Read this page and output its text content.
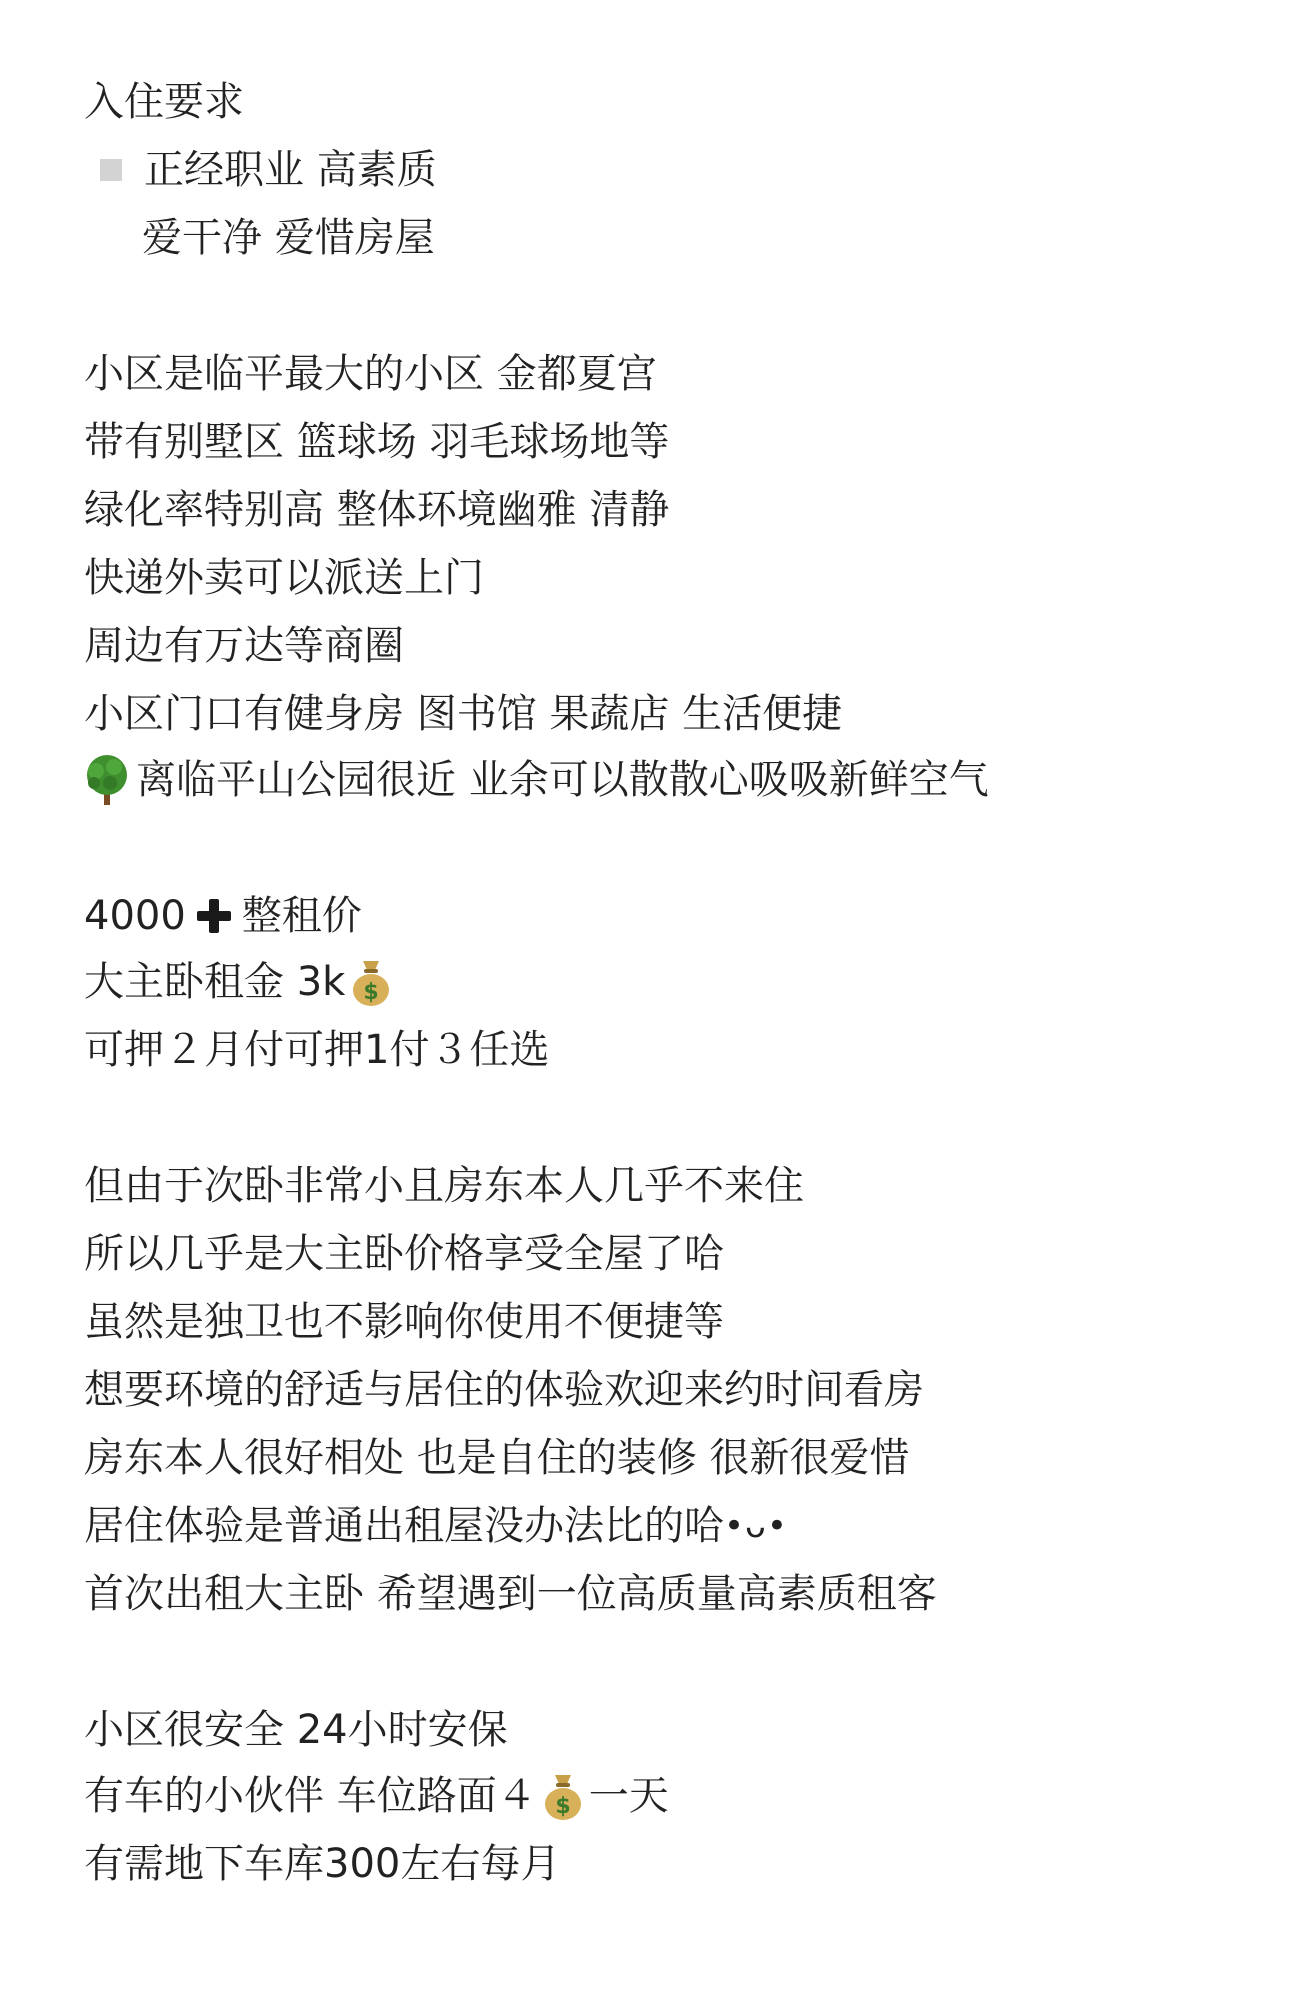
入住要求
正经职业 高素质
爱干净 爱惜房屋
小区是临平最大的小区 金都夏宫
带有别墅区 篮球场 羽毛球场地等
绿化率特别高 整体环境幽雅 清静
快递外卖可以派送上门
周边有万达等商圈
小区门口有健身房 图书馆 果蔬店 生活便捷
离临平山公园很近 业余可以散散心吸吸新鲜空气
4000 整租价
大主卧租金 3k $
可押２月付可押1付３任选
但由于次卧非常小且房东本人几乎不来住
所以几乎是大主卧价格享受全屋了哈
虽然是独卫也不影响你使用不便捷等
想要环境的舒适与居住的体验欢迎来约时间看房
房东本人很好相处 也是自住的装修 很新很爱惜
居住体验是普通出租屋没办法比的哈 •ᴗ•
首次出租大主卧 希望遇到一位高质量高素质租客
小区很安全 24小时安保
有车的小伙伴 车位路面４ $ 一天
有需地下车库300左右每月
